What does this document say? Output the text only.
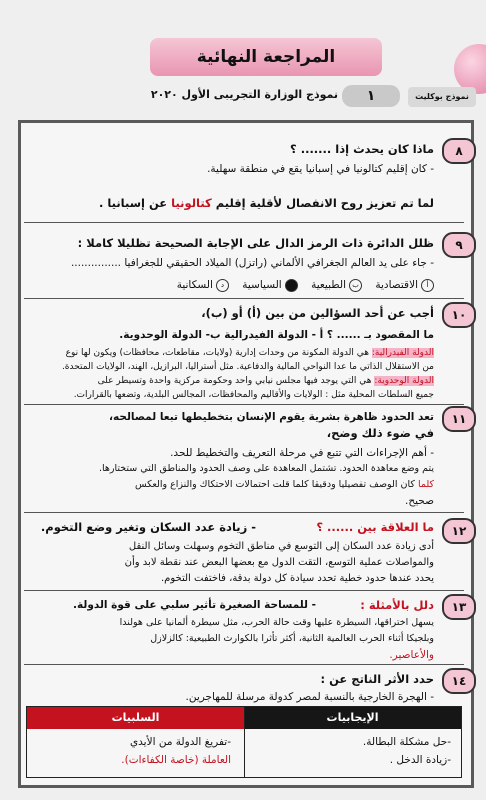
المراجعة النهائية
نموذج بوكليت
١
نموذج الوزارة التجريبى الأول ٢٠٢٠
٨
ماذا كان يحدث إذا ....... ؟
- كان إقليم كتالونيا في إسبانيا يقع في منطقة سهلية.
لما تم تعزيز روح الانفصال لأقلية إقليم كتالونيا عن إسبانيا .
٩
ظلل الدائرة ذات الرمز الدال على الإجابة الصحيحة تظليلا كاملا :
- جاء على يد العالم الجغرافي الألماني (راتزل) الميلاد الحقيقي للجغرافيا ...............
أالاقتصادية    بالطبيعية    السياسية    دالسكانية
١٠
أجب عن أحد السؤالين من بين (أ) أو (ب)،
ما المقصود بـ ...... ؟ أ - الدولة الفيدرالية ب- الدولة الوحدوية.
الدولة الفيدرالية: هي الدولة المكونة من وحدات إدارية (ولايات، مقاطعات، محافظات) ويكون لها نوع
من الاستقلال الذاتي ما عدا النواحي المالية والدفاعية. مثل أستراليا، البرازيل، الهند، الولايات المتحدة.
الدولة الوحدوية: هي التي يوجد فيها مجلس نيابي واحد وحكومة مركزية واحدة وتسيطر على
جميع السلطات المحلية مثل : الولايات والأقاليم والمحافظات، المجالس البلدية، وتضعها بالقرارات.
١١
تعد الحدود ظاهرة بشرية يقوم الإنسان بتخطيطها تبعا لمصالحه،
في ضوء ذلك وضح،
- أهم الإجراءات التي تتبع في مرحلة التعريف والتخطيط للحد.
يتم وضع معاهدة الحدود. تشتمل المعاهدة على وصف الحدود والمناطق التي ستختارها.
كلما كان الوصف تفصيليا ودقيقا كلما قلت احتمالات الاحتكاك والنزاع والعكس
صحيح.
١٢
ما العلاقة بين ...... ؟
- زيادة عدد السكان وتغير وضع التخوم.
أدى زيادة عدد السكان إلى التوسع في مناطق التخوم وسهلت وسائل النقل
والمواصلات عملية التوسع، التقت الدول مع بعضها البعض عند نقطة لابد وأن
يحدد عندها حدود خطية تحدد سيادة كل دولة بدقة، فاختفت التخوم.
١٣
دلل بالأمثلة :
- للمساحة الصغيرة تأثير سلبي على قوة الدولة.
يسهل اختراقها، السيطرة عليها وقت حالة الحرب، مثل سيطرة ألمانيا على هولندا
وبلجيكا أثناء الحرب العالمية الثانية، أكثر تأثرا بالكوارث الطبيعية: كالزلازل
والأعاصير.
١٤
حدد الأثر الناتج عن :
- الهجرة الخارجية بالنسبة لمصر كدولة مرسلة للمهاجرين.
الإيجابيات
السلبيات
-حل مشكلة البطالة.
-زيادة الدخل .
-تفريغ الدولة من الأيدي
العاملة (خاصة الكفاءات).
